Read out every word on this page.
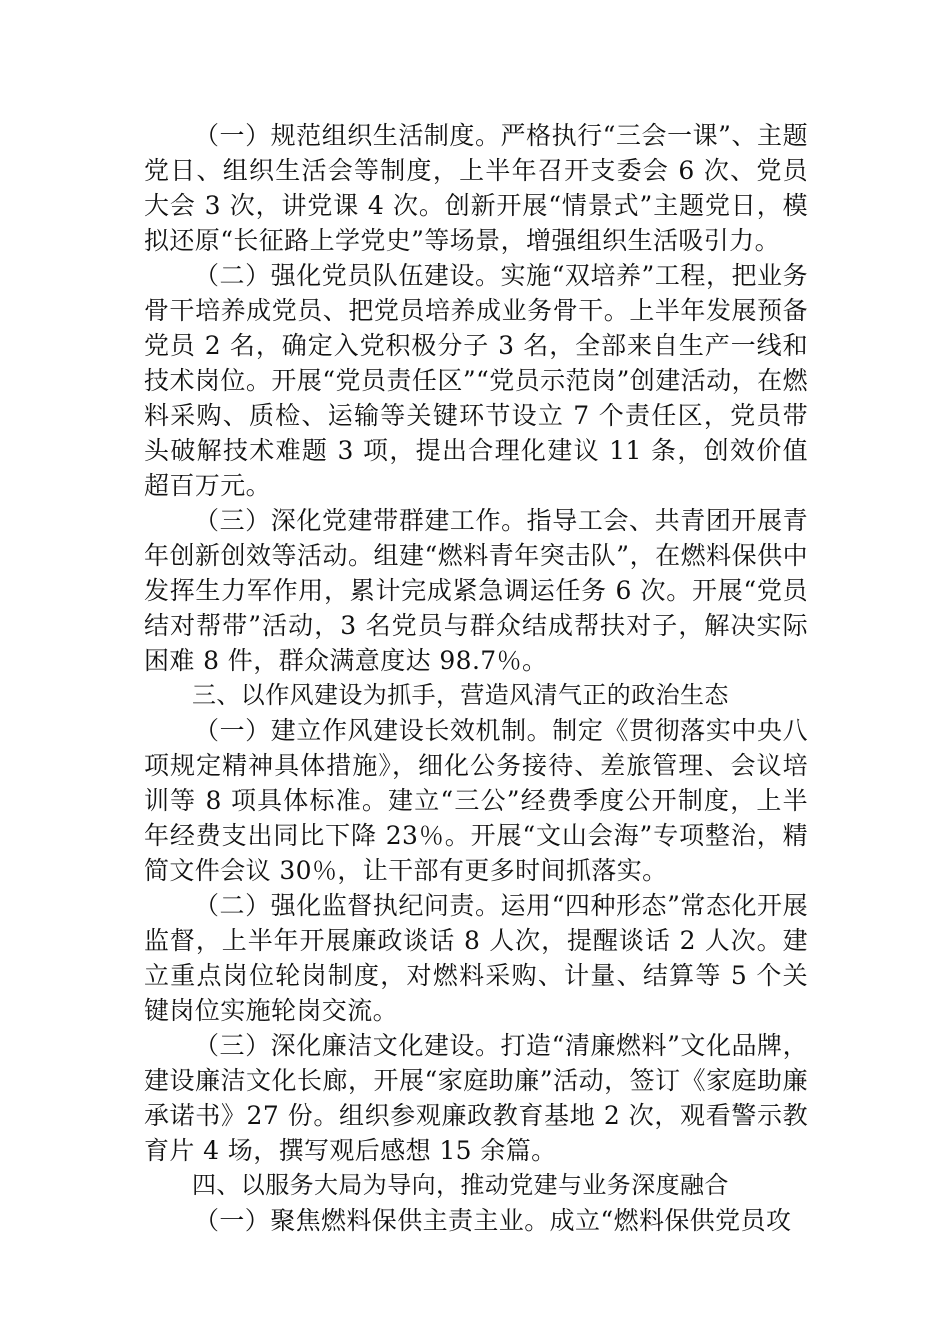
（一）规范组织生活制度。严格执行“三会一课”、主题党日、组织生活会等制度，上半年召开支委会 6 次、党员大会 3 次，讲党课 4 次。创新开展“情景式”主题党日，模拟还原“长征路上学党史”等场景，增强组织生活吸引力。

（二）强化党员队伍建设。实施“双培养”工程，把业务骨干培养成党员、把党员培养成业务骨干。上半年发展预备党员 2 名，确定入党积极分子 3 名，全部来自生产一线和技术岗位。开展“党员责任区”“党员示范岗”创建活动，在燃料采购、质检、运输等关键环节设立 7 个责任区，党员带头破解技术难题 3 项，提出合理化建议 11 条，创效价值超百万元。

（三）深化党建带群建工作。指导工会、共青团开展青年创新创效等活动。组建“燃料青年突击队”，在燃料保供中发挥生力军作用，累计完成紧急调运任务 6 次。开展“党员结对帮带”活动，3 名党员与群众结成帮扶对子，解决实际困难 8 件，群众满意度达 98.7％。

三、以作风建设为抓手，营造风清气正的政治生态

（一）建立作风建设长效机制。制定《贯彻落实中央八项规定精神具体措施》，细化公务接待、差旅管理、会议培训等 8 项具体标准。建立“三公”经费季度公开制度，上半年经费支出同比下降 23％。开展“文山会海”专项整治，精简文件会议 30％，让干部有更多时间抓落实。

（二）强化监督执纪问责。运用“四种形态”常态化开展监督，上半年开展廉政谈话 8 人次，提醒谈话 2 人次。建立重点岗位轮岗制度，对燃料采购、计量、结算等 5 个关键岗位实施轮岗交流。

（三）深化廉洁文化建设。打造“清廉燃料”文化品牌，建设廉洁文化长廊，开展“家庭助廉”活动，签订《家庭助廉承诺书》27 份。组织参观廉政教育基地 2 次，观看警示教育片 4 场，撰写观后感想 15 余篇。

四、以服务大局为导向，推动党建与业务深度融合

（一）聚焦燃料保供主责主业。成立“燃料保供党员攻
